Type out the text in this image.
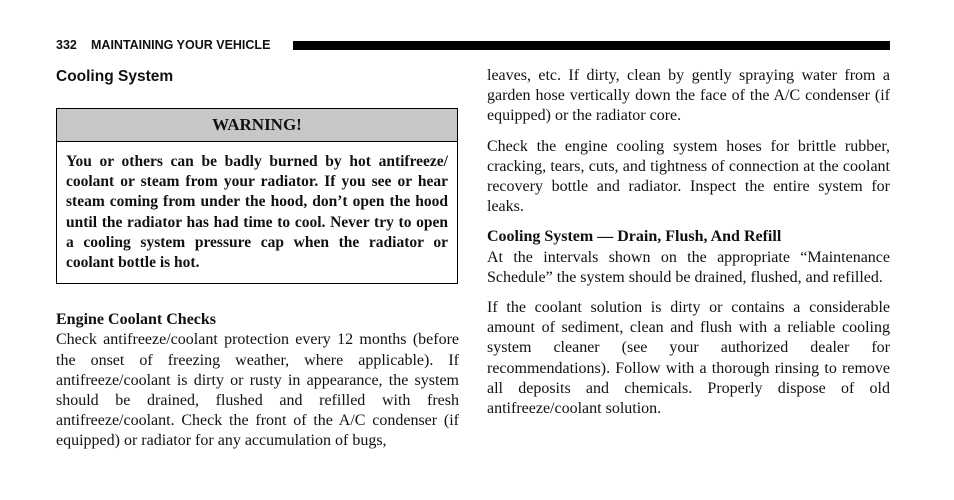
332 MAINTAINING YOUR VEHICLE
Cooling System
WARNING!
You or others can be badly burned by hot antifreeze/ coolant or steam from your radiator. If you see or hear steam coming from under the hood, don’t open the hood until the radiator has had time to cool. Never try to open a cooling system pressure cap when the radiator or coolant bottle is hot.

Engine Coolant Checks

Check antifreeze/coolant protection every 12 months (before the onset of freezing weather, where applicable). If antifreeze/coolant is dirty or rusty in appearance, the system should be drained, flushed and refilled with fresh antifreeze/coolant. Check the front of the A/C condenser (if equipped) or radiator for any accumulation of bugs,

leaves, etc. If dirty, clean by gently spraying water from a garden hose vertically down the face of the A/C condenser (if equipped) or the radiator core.

Check the engine cooling system hoses for brittle rubber, cracking, tears, cuts, and tightness of connection at the coolant recovery bottle and radiator. Inspect the entire system for leaks.

Cooling System — Drain, Flush, And Refill

At the intervals shown on the appropriate “Maintenance Schedule” the system should be drained, flushed, and refilled.

If the coolant solution is dirty or contains a considerable amount of sediment, clean and flush with a reliable cooling system cleaner (see your authorized dealer for recommendations). Follow with a thorough rinsing to remove all deposits and chemicals. Properly dispose of old antifreeze/coolant solution.
